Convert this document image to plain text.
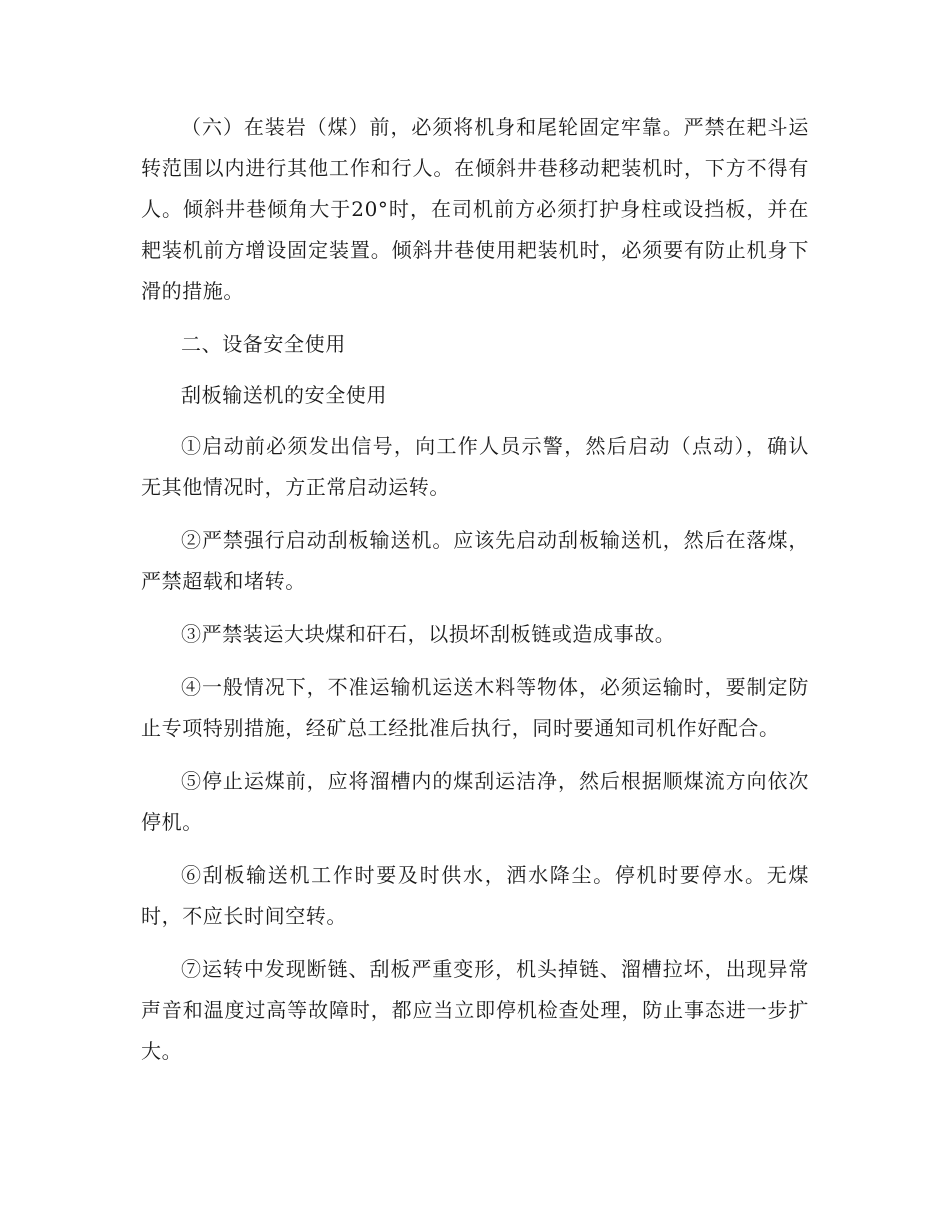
（六）在装岩（煤）前，必须将机身和尾轮固定牢靠。严禁在耙斗运转范围以内进行其他工作和行人。在倾斜井巷移动耙装机时，下方不得有人。倾斜井巷倾角大于20°时，在司机前方必须打护身柱或设挡板，并在耙装机前方增设固定装置。倾斜井巷使用耙装机时，必须要有防止机身下滑的措施。

二、设备安全使用

刮板输送机的安全使用

①启动前必须发出信号，向工作人员示警，然后启动（点动），确认无其他情况时，方正常启动运转。

②严禁强行启动刮板输送机。应该先启动刮板输送机，然后在落煤，严禁超载和堵转。

③严禁装运大块煤和矸石，以损坏刮板链或造成事故。

④一般情况下，不准运输机运送木料等物体，必须运输时，要制定防止专项特别措施，经矿总工经批准后执行，同时要通知司机作好配合。

⑤停止运煤前，应将溜槽内的煤刮运洁净，然后根据顺煤流方向依次停机。

⑥刮板输送机工作时要及时供水，洒水降尘。停机时要停水。无煤时，不应长时间空转。

⑦运转中发现断链、刮板严重变形，机头掉链、溜槽拉坏，出现异常声音和温度过高等故障时，都应当立即停机检查处理，防止事态进一步扩大。
